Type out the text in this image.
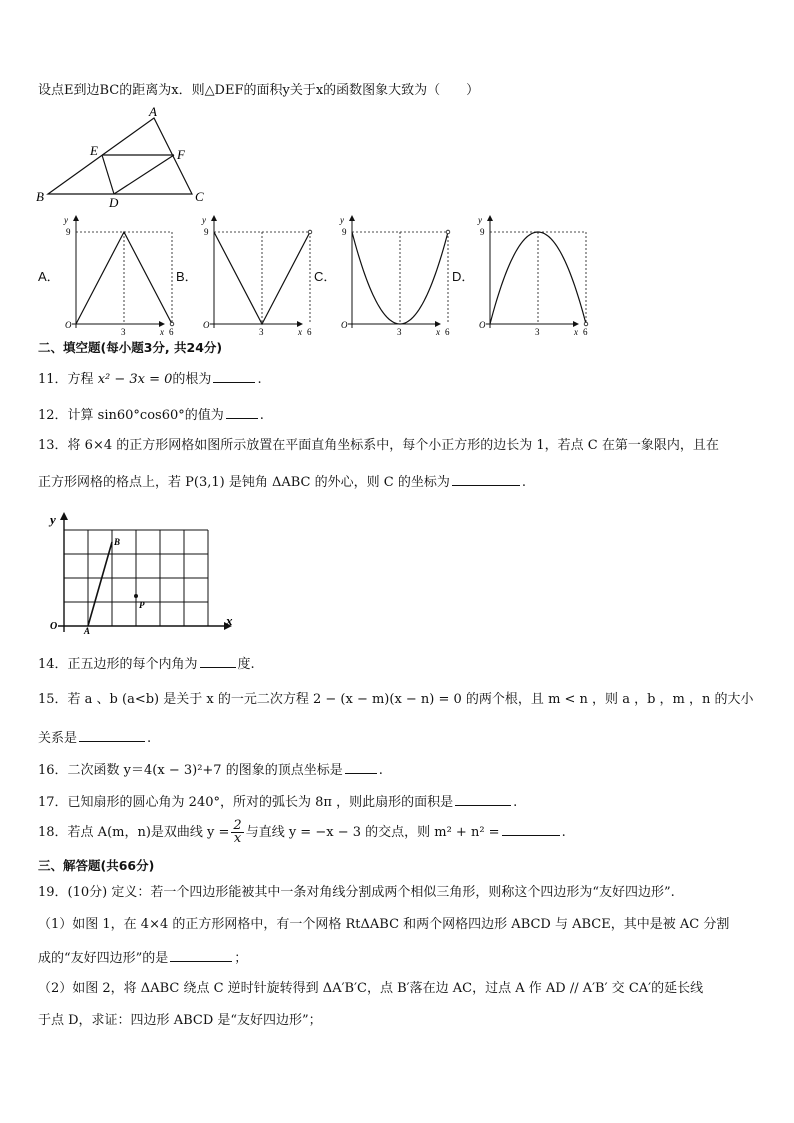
设点E到边BC的距离为x．则△DEF的面积y关于x的函数图象大致为（　　）
A
B	C
D
E	F
A．	B．	C．	D．
y
9
O
3	6
x
y
9
O
3	6
x
y
9
O
3	6
x
y
9
O
3	6
x
二、填空题(每小题3分, 共24分)
11．方程 x² − 3x = 0的根为	.
12．计算 sin60°cos60°的值为	.
13．将 6×4 的正方形网格如图所示放置在平面直角坐标系中，每个小正方形的边长为 1，若点 C 在第一象限内，且在
正方形网格的格点上，若 P(3,1) 是钝角 ΔABC 的外心，则 C 的坐标为	.
y
x
O	A
B
P
14．正五边形的每个内角为	度.
15．若 a 、b (a<b) 是关于 x 的一元二次方程 2 − (x − m)(x − n) = 0 的两个根，且 m < n ，则 a ，b ，m ，n 的大小
关系是	.
16．二次函数 y＝4(x − 3)²+7 的图象的顶点坐标是	.
17．已知扇形的圆心角为 240°，所对的弧长为 8π ，则此扇形的面积是	.
18．若点 A(m，n)是双曲线 $y = \frac{2}{x}$ 与直线 y = −x − 3 的交点，则 m² + n² =	.
三、解答题(共66分)
19．(10分) 定义：若一个四边形能被其中一条对角线分割成两个相似三角形，则称这个四边形为“友好四边形”.
（1）如图 1，在 4×4 的正方形网格中，有一个网格 RtΔABC 和两个网格四边形 ABCD 与 ABCE，其中是被 AC 分割
成的“友好四边形”的是	；
（2）如图 2，将 ΔABC 绕点 C 逆时针旋转得到 ΔA′B′C，点 B′落在边 AC，过点 A 作 AD // A′B′ 交 CA′的延长线
于点 D，求证：四边形 ABCD 是“友好四边形”；
